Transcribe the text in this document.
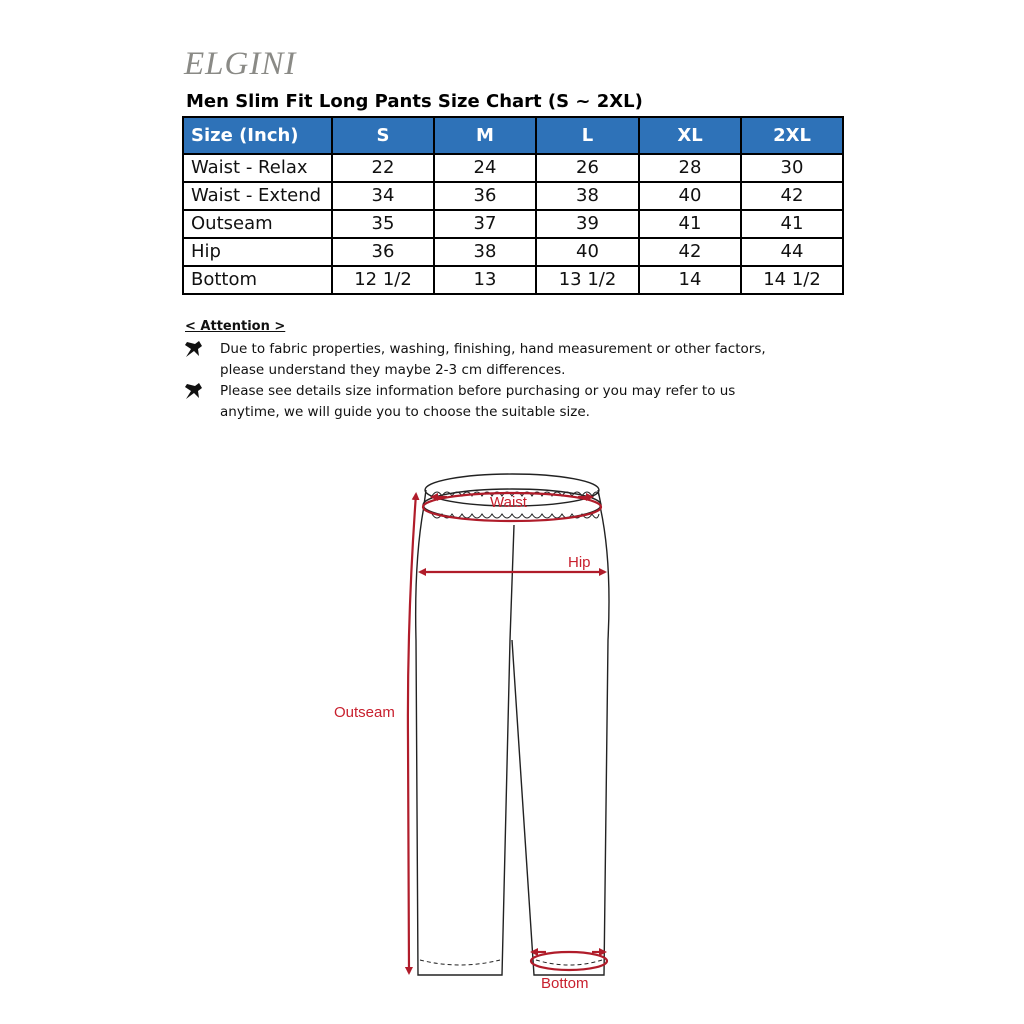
ELGINI
Men Slim Fit Long Pants Size Chart (S ~ 2XL)
Size (Inch)	S	M	L	XL	2XL
Waist - Relax	22	24	26	28	30
Waist - Extend	34	36	38	40	42
Outseam	35	37	39	41	41
Hip	36	38	40	42	44
Bottom	12 1/2	13	13 1/2	14	14 1/2
< Attention >
Due to fabric properties, washing, finishing, hand measurement or other factors,
please understand they maybe 2-3 cm differences.
Please see details size information before purchasing or you may refer to us
anytime, we will guide you to choose the suitable size.
Waist
Hip
Outseam
Bottom
